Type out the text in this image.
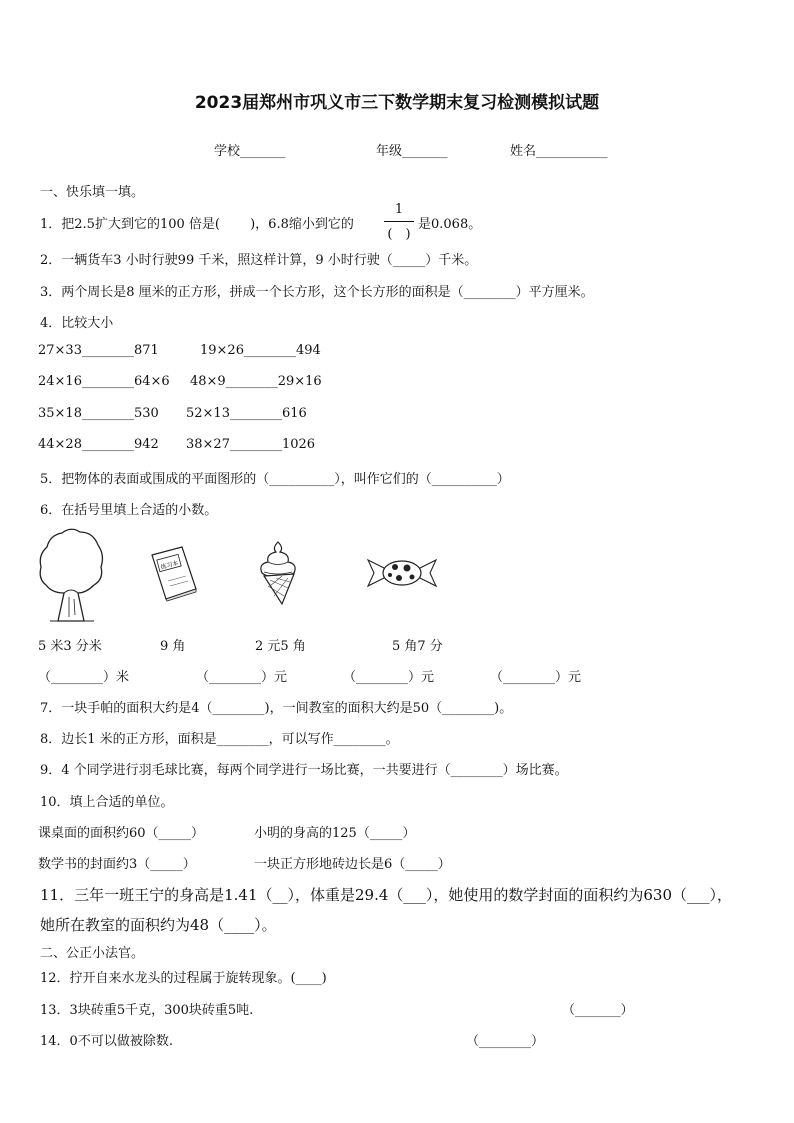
2023届郑州市巩义市三下数学期末复习检测模拟试题
学校_______	年级_______	姓名___________
一、快乐填一填。
1．把2.5扩大到它的100 倍是(　　 )，6.8缩小到它的
1
(　)
是0.068。
2．一辆货车3 小时行驶99 千米，照这样计算，9 小时行驶（_____）千米。
3．两个周长是8 厘米的正方形，拼成一个长方形，这个长方形的面积是（________）平方厘米。
4．比较大小
27×33________871	19×26________494
24×16________64×6 48×9________29×16
35×18________530 52×13________616
44×28________942 38×27________1026
5．把物体的表面或围成的平面图形的（__________），叫作它们的（__________）
6．在括号里填上合适的小数。
练习本
5 米3 分米	9 角	2 元5 角	5 角7 分
（________）米	（________）元	（________）元	（________）元
7．一块手帕的面积大约是4（________)，一间教室的面积大约是50（________)。
8．边长1 米的正方形，面积是________，可以写作________。
9．4 个同学进行羽毛球比赛，每两个同学进行一场比赛，一共要进行（________）场比赛。
10．填上合适的单位。
课桌面的面积约60（_____）	小明的身高的125（_____）
数学书的封面约3（_____）	一块正方形地砖边长是6（_____）
11．三年一班王宁的身高是1.41（__），体重是29.4（___），她使用的数学封面的面积约为630（___），
她所在教室的面积约为48（____）。
二、公正小法官。
12．拧开自来水龙头的过程属于旋转现象。(____)
13．3块砖重5千克，300块砖重5吨.	（_______）
14．0不可以做被除数.	（________）
